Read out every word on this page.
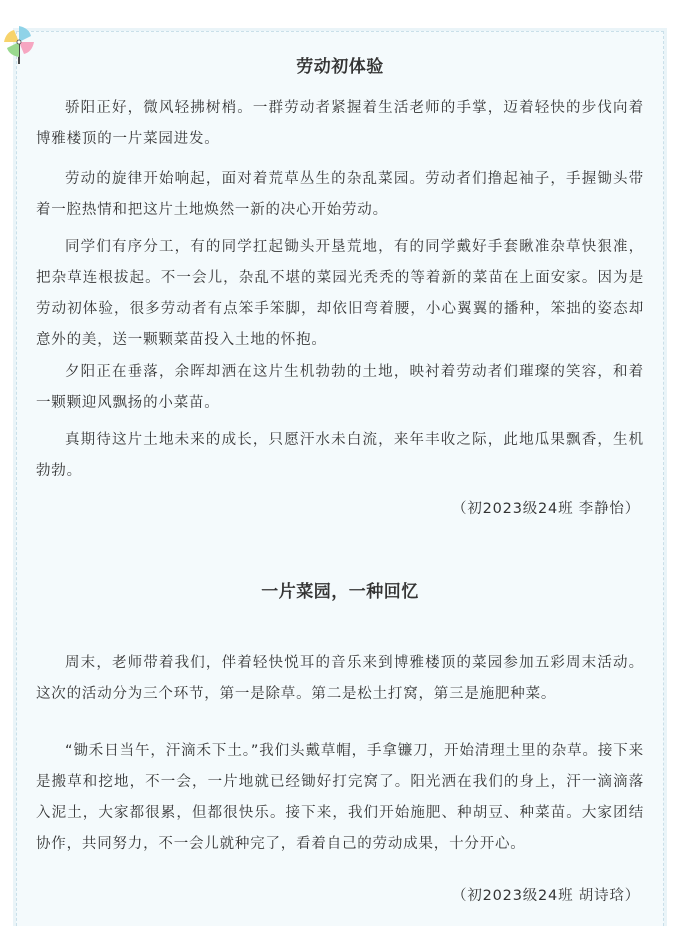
劳动初体验

骄阳正好，微风轻拂树梢。一群劳动者紧握着生活老师的手掌，迈着轻快的步伐向着博雅楼顶的一片菜园进发。

劳动的旋律开始响起，面对着荒草丛生的杂乱菜园。劳动者们撸起袖子，手握锄头带着一腔热情和把这片土地焕然一新的决心开始劳动。

同学们有序分工，有的同学扛起锄头开垦荒地，有的同学戴好手套瞅准杂草快狠准，把杂草连根拔起。不一会儿，杂乱不堪的菜园光秃秃的等着新的菜苗在上面安家。因为是劳动初体验，很多劳动者有点笨手笨脚，却依旧弯着腰，小心翼翼的播种，笨拙的姿态却意外的美，送一颗颗菜苗投入土地的怀抱。

夕阳正在垂落，余晖却洒在这片生机勃勃的土地，映衬着劳动者们璀璨的笑容，和着一颗颗迎风飘扬的小菜苗。

真期待这片土地未来的成长，只愿汗水未白流，来年丰收之际，此地瓜果飘香，生机勃勃。

（初2023级24班 李静怡）
一片菜园，一种回忆

周末，老师带着我们，伴着轻快悦耳的音乐来到博雅楼顶的菜园参加五彩周末活动。这次的活动分为三个环节，第一是除草。第二是松土打窝，第三是施肥种菜。

“锄禾日当午，汗滴禾下土。”我们头戴草帽，手拿镰刀，开始清理土里的杂草。接下来是搬草和挖地，不一会，一片地就已经锄好打完窝了。阳光洒在我们的身上，汗一滴滴落入泥土，大家都很累，但都很快乐。接下来，我们开始施肥、种胡豆、种菜苗。大家团结协作，共同努力，不一会儿就种完了，看着自己的劳动成果，十分开心。

（初2023级24班 胡诗琀）
